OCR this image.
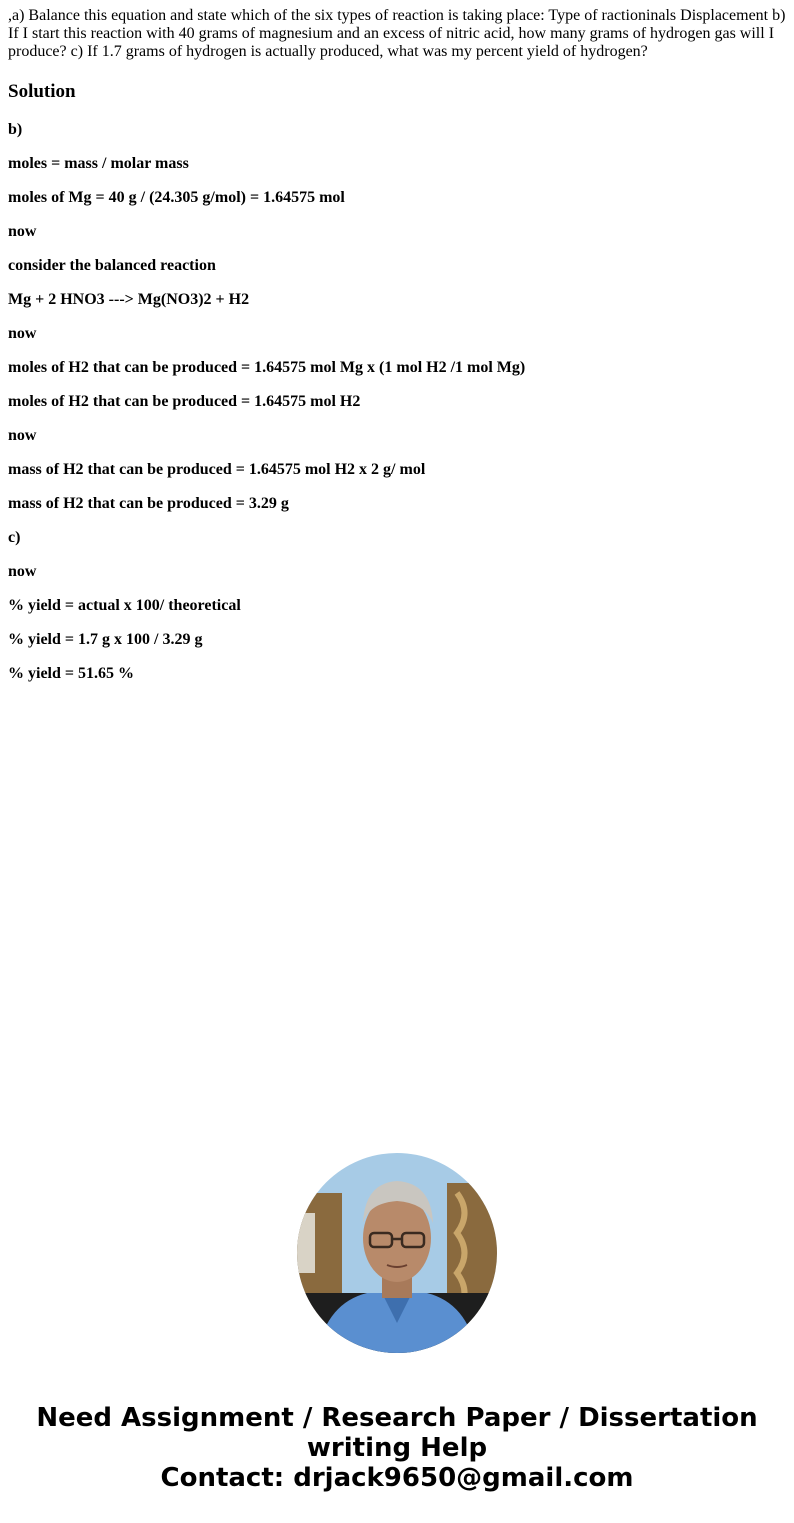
,a) Balance this equation and state which of the six types of reaction is taking place: Type of ractioninals Displacement b) If I start this reaction with 40 grams of magnesium and an excess of nitric acid, how many grams of hydrogen gas will I produce? c) If 1.7 grams of hydrogen is actually produced, what was my percent yield of hydrogen?

Solution
b)
moles = mass / molar mass
moles of Mg = 40 g / (24.305 g/mol) = 1.64575 mol
now
consider the balanced reaction
Mg + 2 HNO3 ---> Mg(NO3)2 + H2
now
moles of H2 that can be produced = 1.64575 mol Mg x (1 mol H2 /1 mol Mg)
moles of H2 that can be produced = 1.64575 mol H2
now
mass of H2 that can be produced = 1.64575 mol H2 x 2 g/ mol
mass of H2 that can be produced = 3.29 g
c)
now
% yield = actual x 100/ theoretical
% yield = 1.7 g x 100 / 3.29 g
% yield = 51.65 %
Need Assignment / Research Paper / Dissertation
writing Help
Contact: drjack9650@gmail.com
